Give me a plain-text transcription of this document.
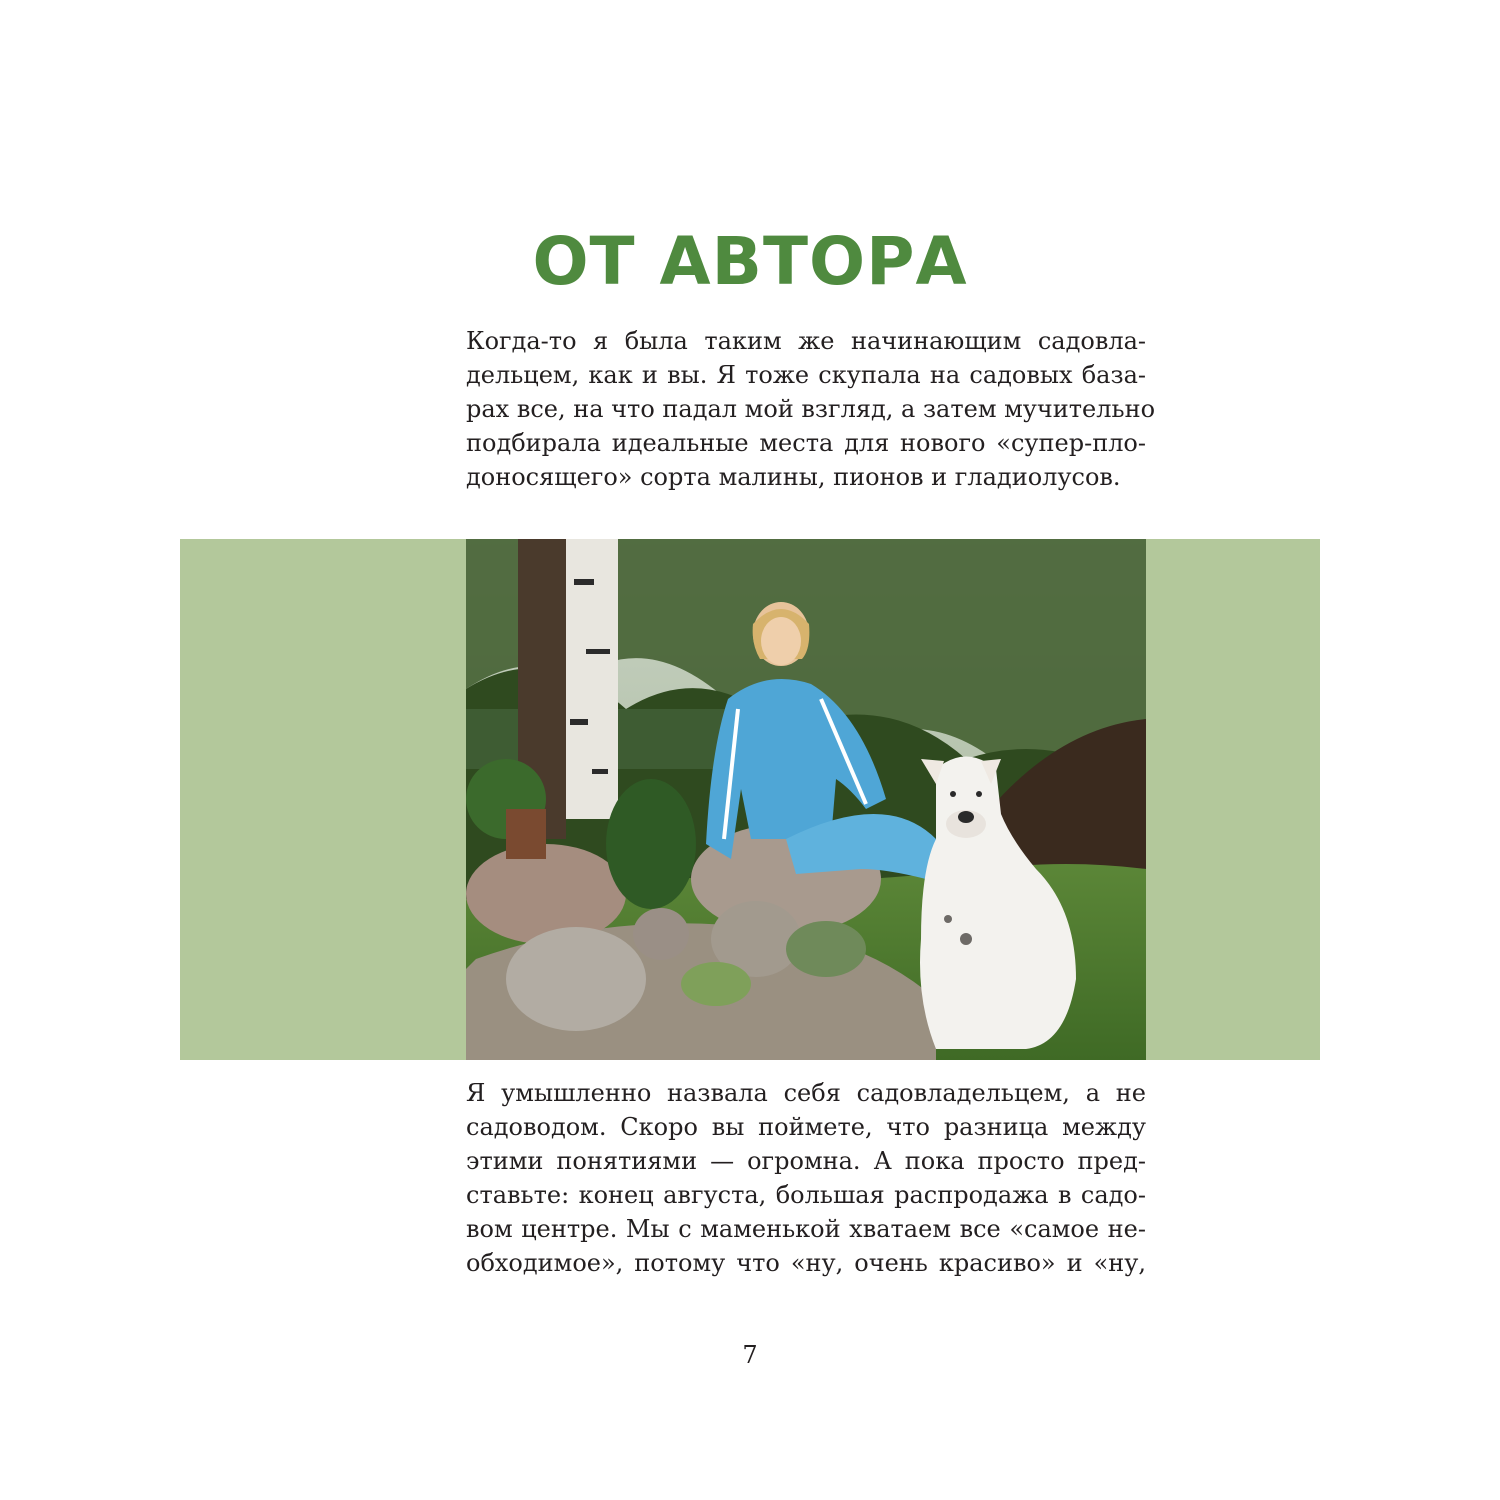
ОТ АВТОРА
Когда-то я была таким же начинающим садовла-
дельцем, как и вы. Я тоже скупала на садовых база-
рах все, на что падал мой взгляд, а затем мучительно
подбирала идеальные места для нового «супер-пло-
доносящего» сорта малины, пионов и гладиолусов.
Я умышленно назвала себя садовладельцем, а не
садоводом. Скоро вы поймете, что разница между
этими понятиями — огромна. А пока просто пред-
ставьте: конец августа, большая распродажа в садо-
вом центре. Мы с маменькой хватаем все «самое не-
обходимое», потому что «ну, очень красиво» и «ну,
7
